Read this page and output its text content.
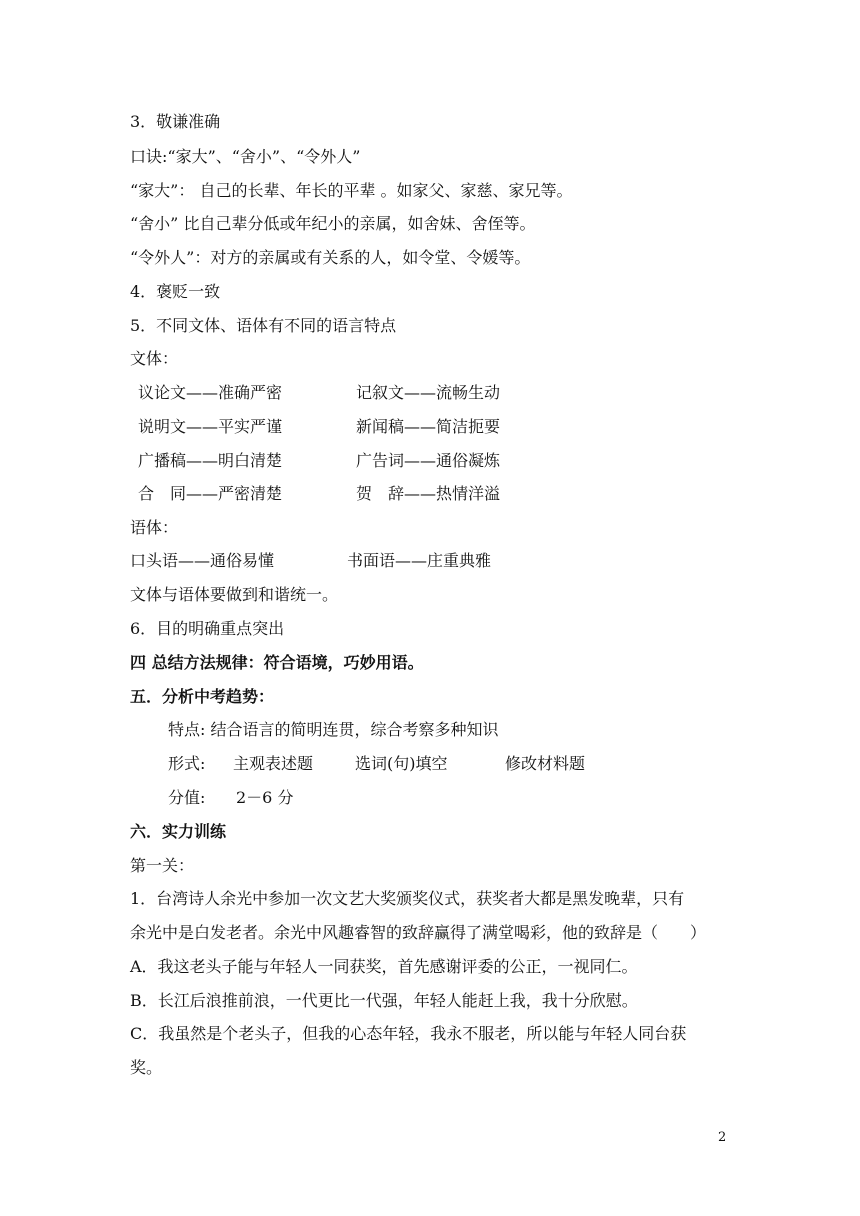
3．敬谦准确
口诀:“家大”、“舍小”、“令外人”
“家大”： 自己的长辈、年长的平辈 。如家父、家慈、家兄等。
“舍小” 比自己辈分低或年纪小的亲属，如舍妹、舍侄等。
“令外人”：对方的亲属或有关系的人，如令堂、令媛等。
4．褒贬一致
5．不同文体、语体有不同的语言特点
文体：
议论文——准确严密	记叙文——流畅生动
说明文——平实严谨	新闻稿——简洁扼要
广播稿——明白清楚	广告词——通俗凝炼
合　同——严密清楚	贺　辞——热情洋溢
语体：
口头语——通俗易懂	书面语——庄重典雅
文体与语体要做到和谐统一。
6．目的明确重点突出
四 总结方法规律：符合语境，巧妙用语。
五．分析中考趋势：
特点: 结合语言的简明连贯，综合考察多种知识
形式: 主观表述题	选词(句)填空	修改材料题
分值: 2－6 分
六．实力训练
第一关：
1．台湾诗人余光中参加一次文艺大奖颁奖仪式，获奖者大都是黑发晚辈，只有
余光中是白发老者。余光中风趣睿智的致辞赢得了满堂喝彩，他的致辞是（　　）
A．我这老头子能与年轻人一同获奖，首先感谢评委的公正，一视同仁。
B．长江后浪推前浪，一代更比一代强，年轻人能赶上我，我十分欣慰。
C．我虽然是个老头子，但我的心态年轻，我永不服老，所以能与年轻人同台获
奖。
2
